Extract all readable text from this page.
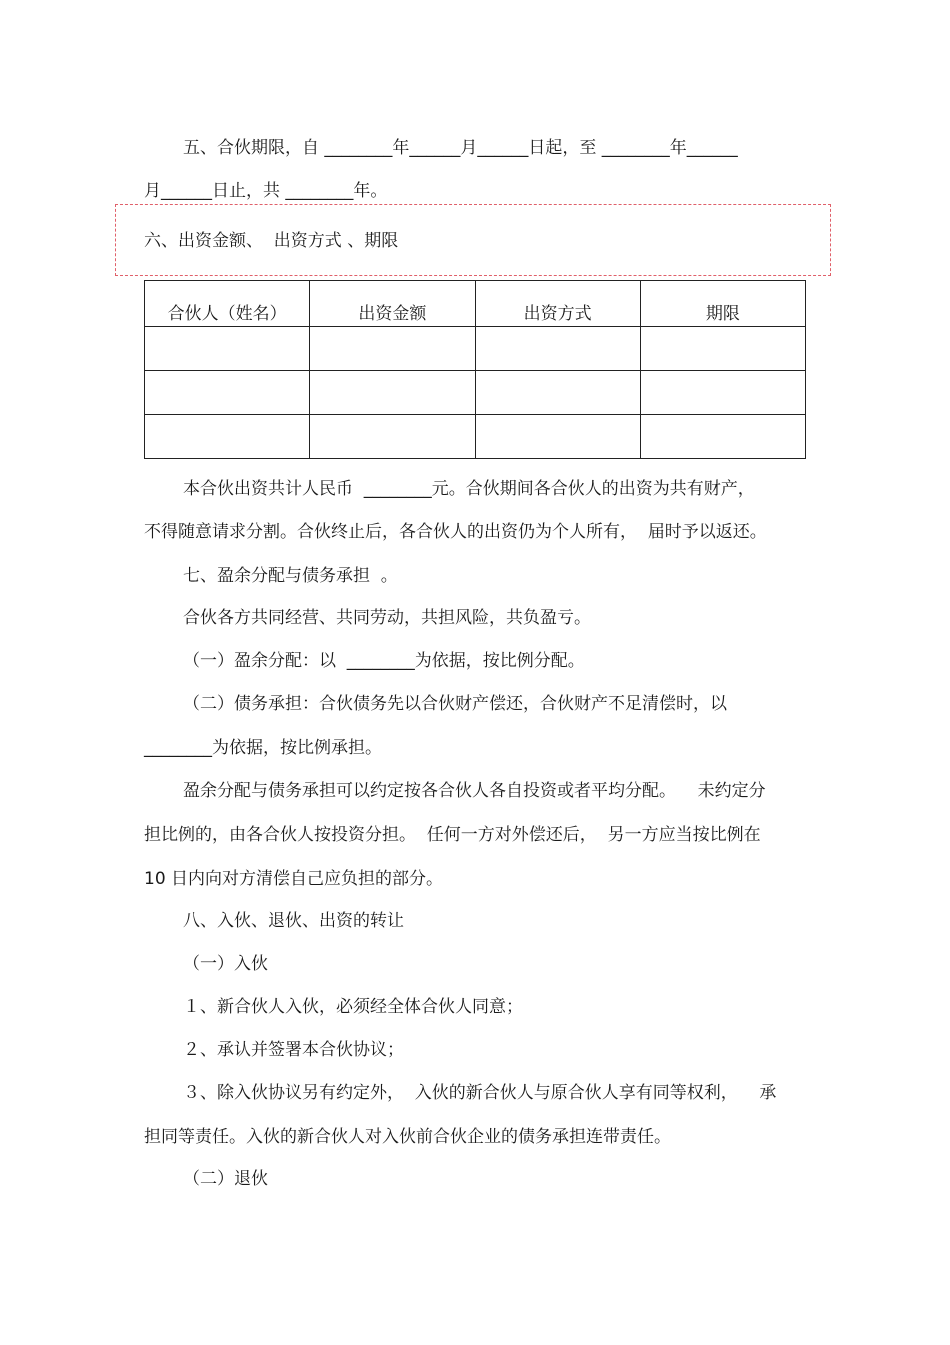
五、合伙期限，自 ________年______月______日起，至 ________年______
月______日止，共 ________年。
六、出资金额、  出资方式 、期限
合伙人（姓名）	出资金额	出资方式	期限

本合伙出资共计人民币  ________元。合伙期间各合伙人的出资为共有财产，
不得随意请求分割。合伙终止后，各合伙人的出资仍为个人所有，  届时予以返还。
七、盈余分配与债务承担  。
合伙各方共同经营、共同劳动，共担风险，共负盈亏。
（一）盈余分配：以  ________为依据，按比例分配。
（二）债务承担：合伙债务先以合伙财产偿还，合伙财产不足清偿时，以
________为依据，按比例承担。
盈余分配与债务承担可以约定按各合伙人各自投资或者平均分配。    未约定分
担比例的，由各合伙人按投资分担。  任何一方对外偿还后，  另一方应当按比例在
10 日内向对方清偿自己应负担的部分。
八、入伙、退伙、出资的转让
（一）入伙
１、新合伙人入伙，必须经全体合伙人同意；
２、承认并签署本合伙协议；
３、除入伙协议另有约定外，  入伙的新合伙人与原合伙人享有同等权利，    承
担同等责任。入伙的新合伙人对入伙前合伙企业的债务承担连带责任。
（二）退伙
